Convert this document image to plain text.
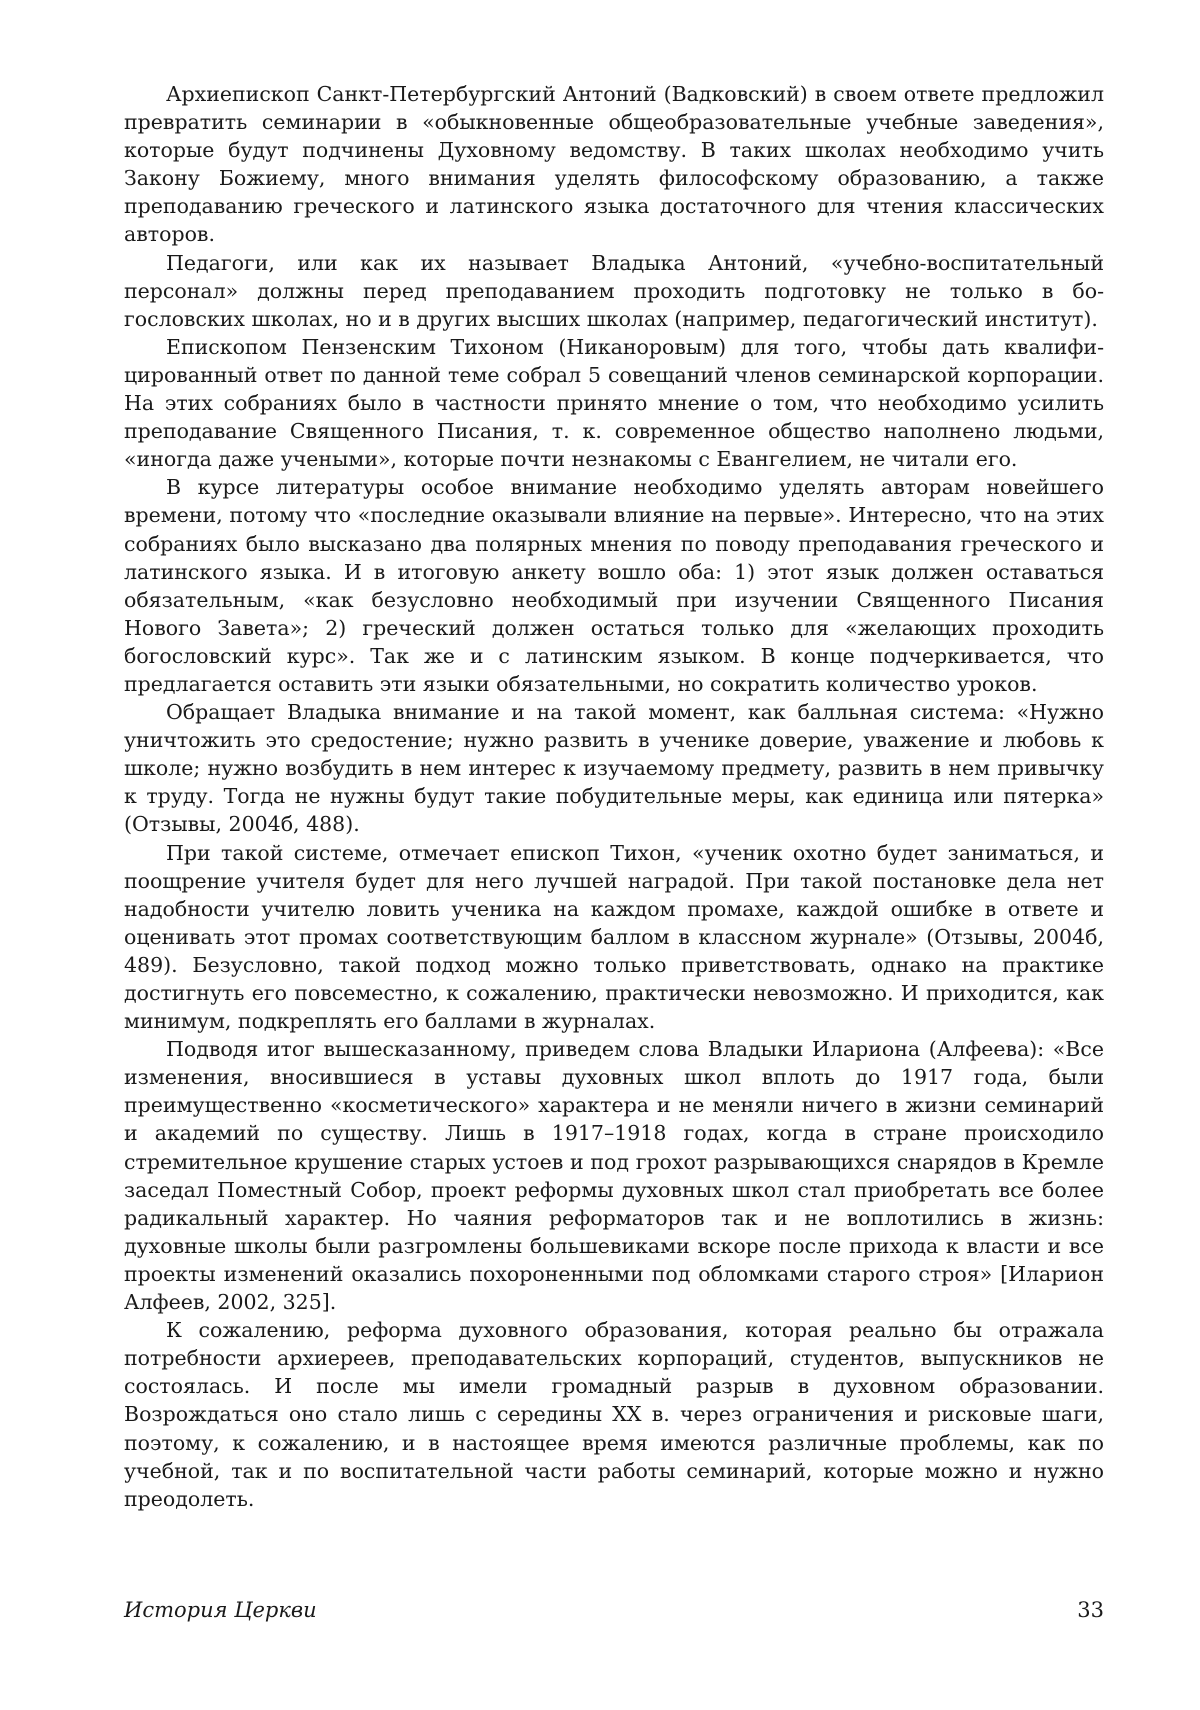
Архиепископ Санкт-Петербургский Антоний (Вадковский) в своем ответе предложил превратить семинарии в «обыкновенные общеобразовательные учебные заведения», которые будут подчинены Духовному ведомству. В таких школах необходимо учить Закону Божиему, много внимания уделять философскому образованию, а также преподаванию греческого и латинского языка достаточного для чтения классических авторов.

Педагоги, или как их называет Владыка Антоний, «учебно-воспитательный персонал» должны перед преподаванием проходить подготовку не только в богословских школах, но и в других высших школах (например, педагогический институт).

Епископом Пензенским Тихоном (Никаноровым) для того, чтобы дать квалифицированный ответ по данной теме собрал 5 совещаний членов семинарской корпорации. На этих собраниях было в частности принято мнение о том, что необходимо усилить преподавание Священного Писания, т. к. современное общество наполнено людьми, «иногда даже учеными», которые почти незнакомы с Евангелием, не читали его.

В курсе литературы особое внимание необходимо уделять авторам новейшего времени, потому что «последние оказывали влияние на первые». Интересно, что на этих собраниях было высказано два полярных мнения по поводу преподавания греческого и латинского языка. И в итоговую анкету вошло оба: 1) этот язык должен оставаться обязательным, «как безусловно необходимый при изучении Священного Писания Нового Завета»; 2) греческий должен остаться только для «желающих проходить богословский курс». Так же и с латинским языком. В конце подчеркивается, что предлагается оставить эти языки обязательными, но сократить количество уроков.

Обращает Владыка внимание и на такой момент, как балльная система: «Нужно уничтожить это средостение; нужно развить в ученике доверие, уважение и любовь к школе; нужно возбудить в нем интерес к изучаемому предмету, развить в нем привычку к труду. Тогда не нужны будут такие побудительные меры, как единица или пятерка» (Отзывы, 2004б, 488).

При такой системе, отмечает епископ Тихон, «ученик охотно будет заниматься, и поощрение учителя будет для него лучшей наградой. При такой постановке дела нет надобности учителю ловить ученика на каждом промахе, каждой ошибке в ответе и оценивать этот промах соответствующим баллом в классном журнале» (Отзывы, 2004б, 489). Безусловно, такой подход можно только приветствовать, однако на практике достигнуть его повсеместно, к сожалению, практически невозможно. И приходится, как минимум, подкреплять его баллами в журналах.

Подводя итог вышесказанному, приведем слова Владыки Илариона (Алфеева): «Все изменения, вносившиеся в уставы духовных школ вплоть до 1917 года, были преимущественно «косметического» характера и не меняли ничего в жизни семинарий и академий по существу. Лишь в 1917–1918 годах, когда в стране происходило стремительное крушение старых устоев и под грохот разрывающихся снарядов в Кремле заседал Поместный Собор, проект реформы духовных школ стал приобретать все более радикальный характер. Но чаяния реформаторов так и не воплотились в жизнь: духовные школы были разгромлены большевиками вскоре после прихода к власти и все проекты изменений оказались похороненными под обломками старого строя» [Иларион Алфеев, 2002, 325].

К сожалению, реформа духовного образования, которая реально бы отражала потребности архиереев, преподавательских корпораций, студентов, выпускников не состоялась. И после мы имели громадный разрыв в духовном образовании. Возрождаться оно стало лишь с середины XX в. через ограничения и рисковые шаги, поэтому, к сожалению, и в настоящее время имеются различные проблемы, как по учебной, так и по воспитательной части работы семинарий, которые можно и нужно преодолеть.

История Церкви	33
